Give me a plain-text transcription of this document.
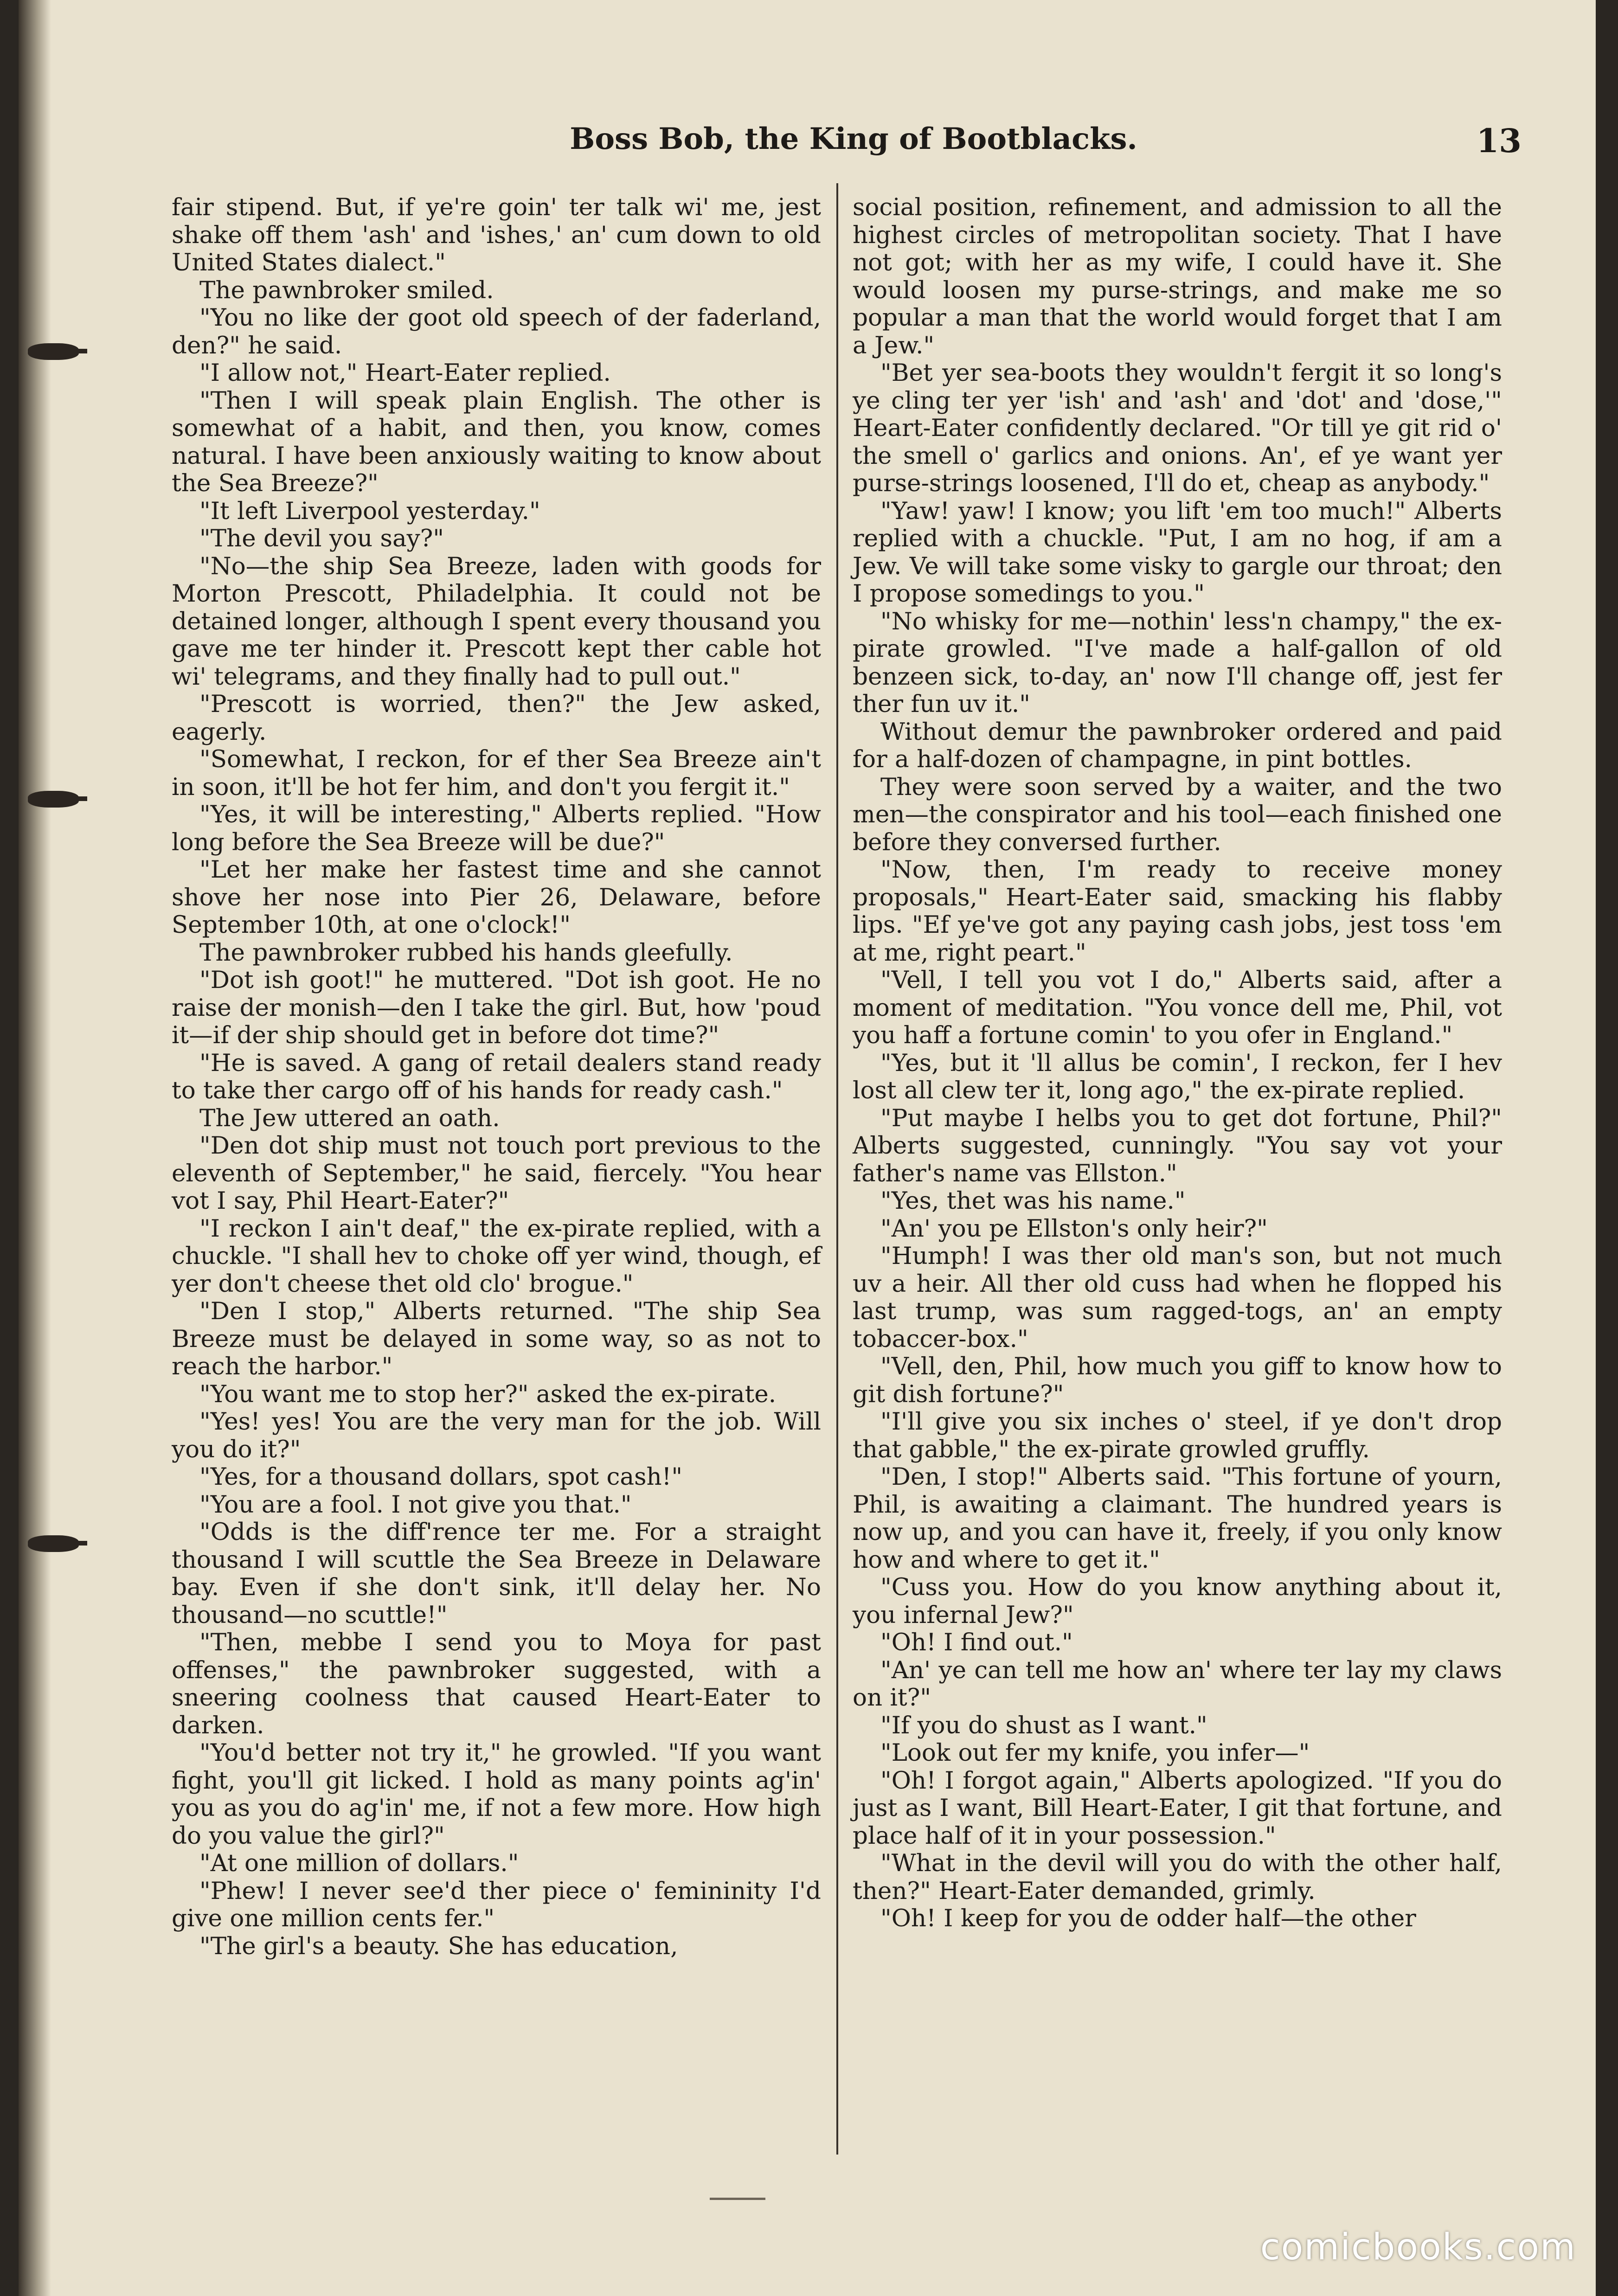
Boss Bob, the King of Bootblacks.	13

fair stipend. But, if ye're goin' ter talk wi' me, jest shake off them 'ash' and 'ishes,' an' cum down to old United States dialect."

The pawnbroker smiled.

"You no like der goot old speech of der faderland, den?" he said.

"I allow not," Heart-Eater replied.

"Then I will speak plain English. The other is somewhat of a habit, and then, you know, comes natural. I have been anxiously waiting to know about the Sea Breeze?"

"It left Liverpool yesterday."

"The devil you say?"

"No—the ship Sea Breeze, laden with goods for Morton Prescott, Philadelphia. It could not be detained longer, although I spent every thousand you gave me ter hinder it. Prescott kept ther cable hot wi' telegrams, and they finally had to pull out."

"Prescott is worried, then?" the Jew asked, eagerly.

"Somewhat, I reckon, for ef ther Sea Breeze ain't in soon, it'll be hot fer him, and don't you fergit it."

"Yes, it will be interesting," Alberts replied. "How long before the Sea Breeze will be due?"

"Let her make her fastest time and she cannot shove her nose into Pier 26, Delaware, before September 10th, at one o'clock!"

The pawnbroker rubbed his hands gleefully.

"Dot ish goot!" he muttered. "Dot ish goot. He no raise der monish—den I take the girl. But, how 'poud it—if der ship should get in before dot time?"

"He is saved. A gang of retail dealers stand ready to take ther cargo off of his hands for ready cash."

The Jew uttered an oath.

"Den dot ship must not touch port previous to the eleventh of September," he said, fiercely. "You hear vot I say, Phil Heart-Eater?"

"I reckon I ain't deaf," the ex-pirate replied, with a chuckle. "I shall hev to choke off yer wind, though, ef yer don't cheese thet old clo' brogue."

"Den I stop," Alberts returned. "The ship Sea Breeze must be delayed in some way, so as not to reach the harbor."

"You want me to stop her?" asked the ex-pirate.

"Yes! yes! You are the very man for the job. Will you do it?"

"Yes, for a thousand dollars, spot cash!"

"You are a fool. I not give you that."

"Odds is the diff'rence ter me. For a straight thousand I will scuttle the Sea Breeze in Delaware bay. Even if she don't sink, it'll delay her. No thousand—no scuttle!"

"Then, mebbe I send you to Moya for past offenses," the pawnbroker suggested, with a sneering coolness that caused Heart-Eater to darken.

"You'd better not try it," he growled. "If you want fight, you'll git licked. I hold as many points ag'in' you as you do ag'in' me, if not a few more. How high do you value the girl?"

"At one million of dollars."

"Phew! I never see'd ther piece o' femininity I'd give one million cents fer."

"The girl's a beauty. She has education,

social position, refinement, and admission to all the highest circles of metropolitan society. That I have not got; with her as my wife, I could have it. She would loosen my purse-strings, and make me so popular a man that the world would forget that I am a Jew."

"Bet yer sea-boots they wouldn't fergit it so long's ye cling ter yer 'ish' and 'ash' and 'dot' and 'dose,'" Heart-Eater confidently declared. "Or till ye git rid o' the smell o' garlics and onions. An', ef ye want yer purse-strings loosened, I'll do et, cheap as anybody."

"Yaw! yaw! I know; you lift 'em too much!" Alberts replied with a chuckle. "Put, I am no hog, if am a Jew. Ve will take some visky to gargle our throat; den I propose somedings to you."

"No whisky for me—nothin' less'n champy," the ex-pirate growled. "I've made a half-gallon of old benzeen sick, to-day, an' now I'll change off, jest fer ther fun uv it."

Without demur the pawnbroker ordered and paid for a half-dozen of champagne, in pint bottles.

They were soon served by a waiter, and the two men—the conspirator and his tool—each finished one before they conversed further.

"Now, then, I'm ready to receive money proposals," Heart-Eater said, smacking his flabby lips. "Ef ye've got any paying cash jobs, jest toss 'em at me, right peart."

"Vell, I tell you vot I do," Alberts said, after a moment of meditation. "You vonce dell me, Phil, vot you haff a fortune comin' to you ofer in England."

"Yes, but it 'll allus be comin', I reckon, fer I hev lost all clew ter it, long ago," the ex-pirate replied.

"Put maybe I helbs you to get dot fortune, Phil?" Alberts suggested, cunningly. "You say vot your father's name vas Ellston."

"Yes, thet was his name."

"An' you pe Ellston's only heir?"

"Humph! I was ther old man's son, but not much uv a heir. All ther old cuss had when he flopped his last trump, was sum ragged-togs, an' an empty tobaccer-box."

"Vell, den, Phil, how much you giff to know how to git dish fortune?"

"I'll give you six inches o' steel, if ye don't drop that gabble," the ex-pirate growled gruffly.

"Den, I stop!" Alberts said. "This fortune of yourn, Phil, is awaiting a claimant. The hundred years is now up, and you can have it, freely, if you only know how and where to get it."

"Cuss you. How do you know anything about it, you infernal Jew?"

"Oh! I find out."

"An' ye can tell me how an' where ter lay my claws on it?"

"If you do shust as I want."

"Look out fer my knife, you infer—"

"Oh! I forgot again," Alberts apologized. "If you do just as I want, Bill Heart-Eater, I git that fortune, and place half of it in your possession."

"What in the devil will you do with the other half, then?" Heart-Eater demanded, grimly.

"Oh! I keep for you de odder half—the other

comicbooks.com
